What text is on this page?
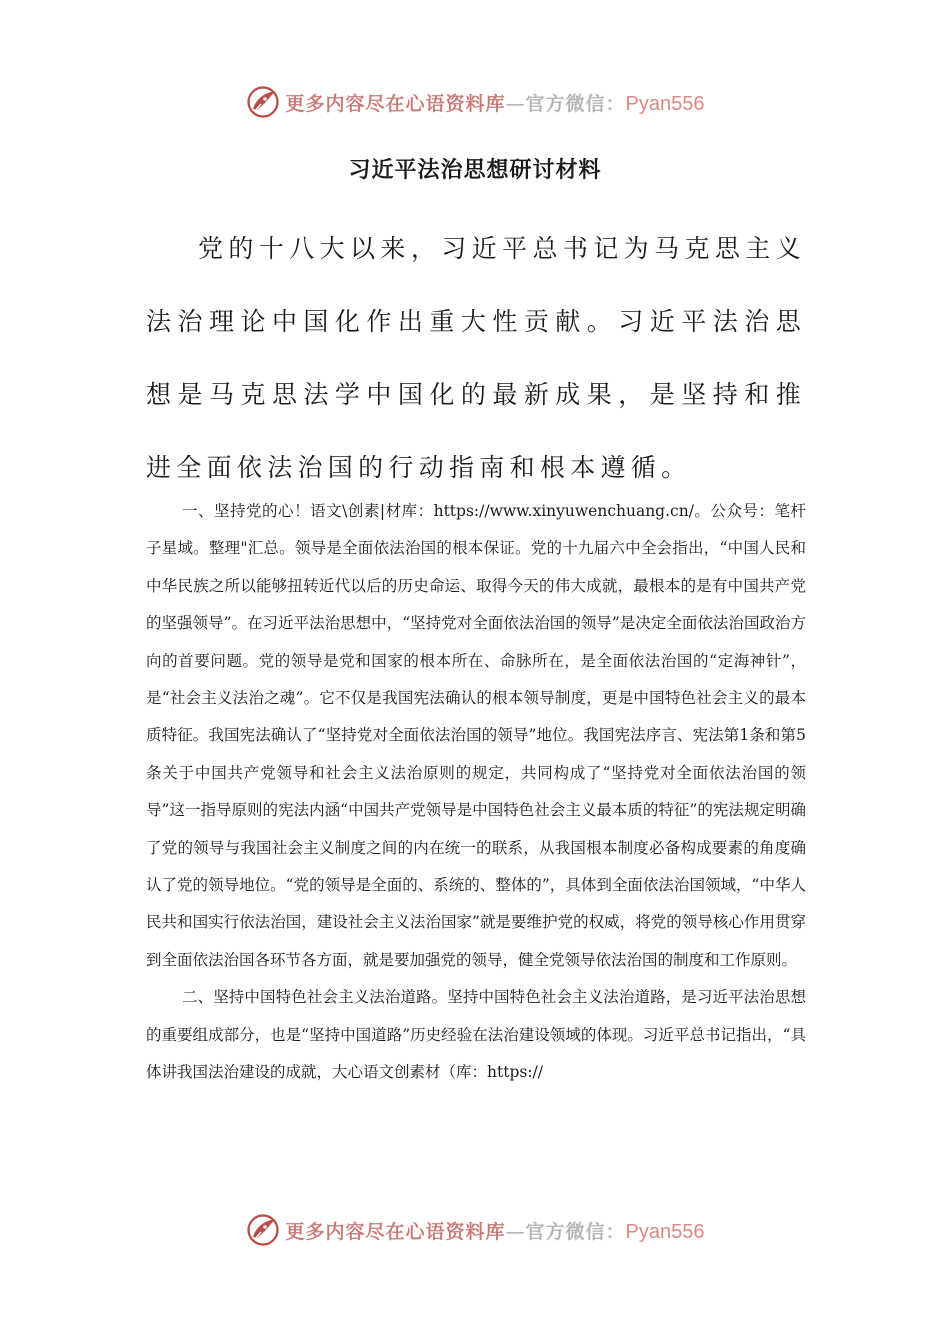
更多内容尽在心语资料库—官方微信：Pyan556
习近平法治思想研讨材料

党的十八大以来，习近平总书记为马克思主义法治理论中国化作出重大性贡献。习近平法治思想是马克思法学中国化的最新成果，是坚持和推进全面依法治国的行动指南和根本遵循。

一、坚持党的心！语文\创素|材库：https://www.xinyuwenchuang.cn/。公众号：笔杆子星域。整理"汇总。领导是全面依法治国的根本保证。党的十九届六中全会指出，“中国人民和中华民族之所以能够扭转近代以后的历史命运、取得今天的伟大成就，最根本的是有中国共产党的坚强领导”。在习近平法治思想中，“坚持党对全面依法治国的领导”是决定全面依法治国政治方向的首要问题。党的领导是党和国家的根本所在、命脉所在，是全面依法治国的“定海神针”，是“社会主义法治之魂”。它不仅是我国宪法确认的根本领导制度，更是中国特色社会主义的最本质特征。我国宪法确认了“坚持党对全面依法治国的领导”地位。我国宪法序言、宪法第1条和第5条关于中国共产党领导和社会主义法治原则的规定，共同构成了“坚持党对全面依法治国的领导”这一指导原则的宪法内涵“中国共产党领导是中国特色社会主义最本质的特征”的宪法规定明确了党的领导与我国社会主义制度之间的内在统一的联系，从我国根本制度必备构成要素的角度确认了党的领导地位。“党的领导是全面的、系统的、整体的”，具体到全面依法治国领域，“中华人民共和国实行依法治国，建设社会主义法治国家”就是要维护党的权威，将党的领导核心作用贯穿到全面依法治国各环节各方面，就是要加强党的领导，健全党领导依法治国的制度和工作原则。

二、坚持中国特色社会主义法治道路。坚持中国特色社会主义法治道路，是习近平法治思想的重要组成部分，也是“坚持中国道路”历史经验在法治建设领域的体现。习近平总书记指出，“具体讲我国法治建设的成就，大心语文创素材（库：https://

更多内容尽在心语资料库—官方微信：Pyan556
